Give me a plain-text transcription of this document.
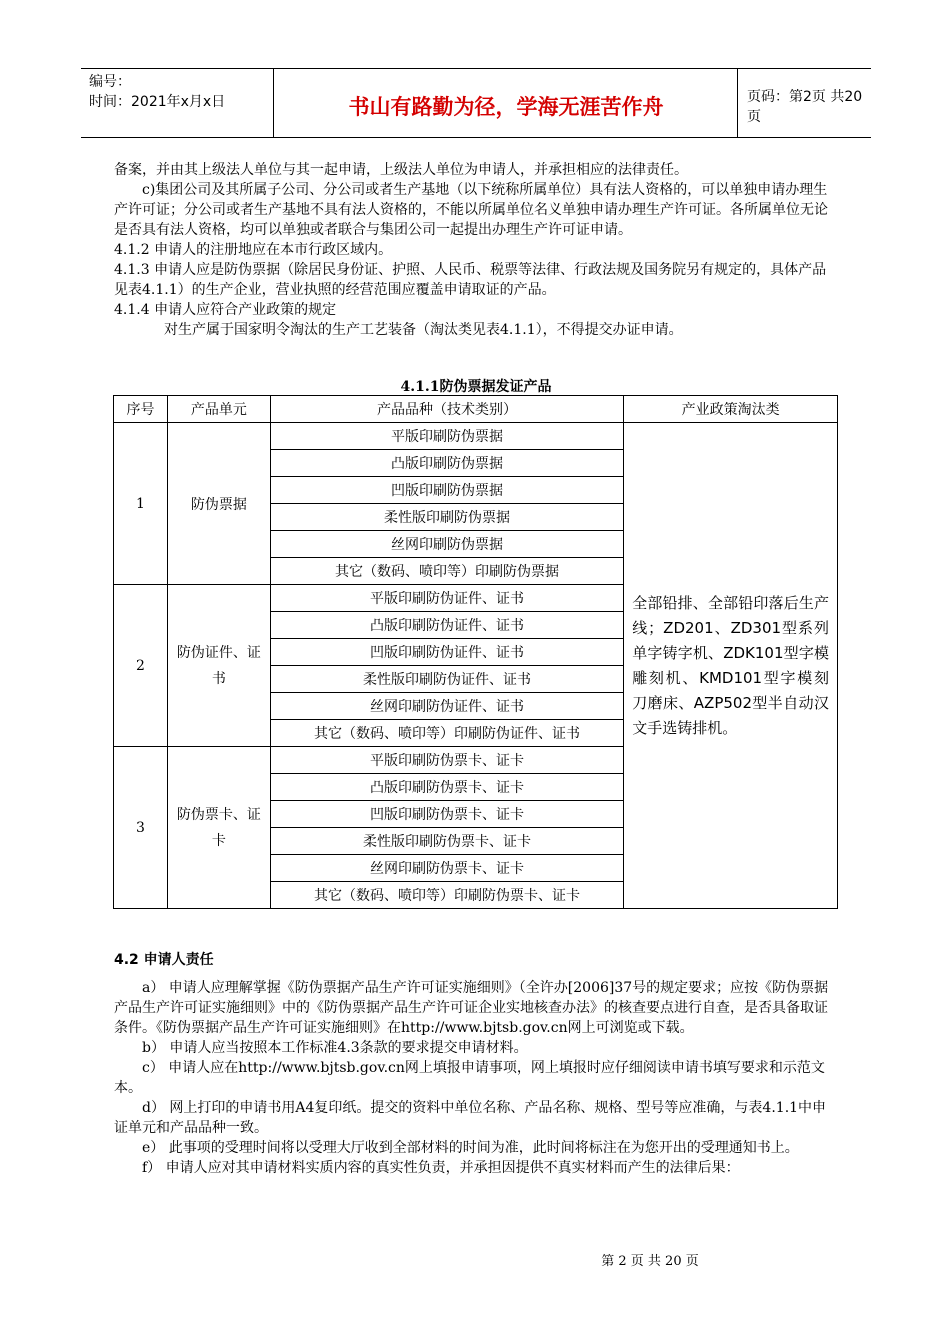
编号：
时间：2021年x月x日	书山有路勤为径，学海无涯苦作舟	页码：第2页 共20页

备案，并由其上级法人单位与其一起申请，上级法人单位为申请人，并承担相应的法律责任。

c)集团公司及其所属子公司、分公司或者生产基地（以下统称所属单位）具有法人资格的，可以单独申请办理生产许可证；分公司或者生产基地不具有法人资格的，不能以所属单位名义单独申请办理生产许可证。各所属单位无论是否具有法人资格，均可以单独或者联合与集团公司一起提出办理生产许可证申请。

4.1.2 申请人的注册地应在本市行政区域内。

4.1.3 申请人应是防伪票据（除居民身份证、护照、人民币、税票等法律、行政法规及国务院另有规定的，具体产品见表4.1.1）的生产企业，营业执照的经营范围应覆盖申请取证的产品。

4.1.4 申请人应符合产业政策的规定

对生产属于国家明令淘汰的生产工艺装备（淘汰类见表4.1.1），不得提交办证申请。

4.1.1防伪票据发证产品
序号	产品单元	产品品种（技术类别）	产业政策淘汰类
1	防伪票据	平版印刷防伪票据	全部铅排、全部铅印落后生产线；ZD201、ZD301型系列单字铸字机、ZDK101型字模雕刻机、KMD101型字模刻刀磨床、AZP502型半自动汉文手选铸排机。
		凸版印刷防伪票据	
		凹版印刷防伪票据	
		柔性版印刷防伪票据	
		丝网印刷防伪票据	
		其它（数码、喷印等）印刷防伪票据	
2	防伪证件、证书	平版印刷防伪证件、证书	
		凸版印刷防伪证件、证书	
		凹版印刷防伪证件、证书	
		柔性版印刷防伪证件、证书	
		丝网印刷防伪证件、证书	
		其它（数码、喷印等）印刷防伪证件、证书	
3	防伪票卡、证卡	平版印刷防伪票卡、证卡	
		凸版印刷防伪票卡、证卡	
		凹版印刷防伪票卡、证卡	
		柔性版印刷防伪票卡、证卡	
		丝网印刷防伪票卡、证卡	
		其它（数码、喷印等）印刷防伪票卡、证卡	

4.2 申请人责任

a） 申请人应理解掌握《防伪票据产品生产许可证实施细则》（全许办[2006]37号的规定要求；应按《防伪票据产品生产许可证实施细则》中的《防伪票据产品生产许可证企业实地核查办法》的核查要点进行自查，是否具备取证条件。《防伪票据产品生产许可证实施细则》在http://www.bjtsb.gov.cn网上可浏览或下载。

b） 申请人应当按照本工作标准4.3条款的要求提交申请材料。

c） 申请人应在http://www.bjtsb.gov.cn网上填报申请事项，网上填报时应仔细阅读申请书填写要求和示范文本。

d） 网上打印的申请书用A4复印纸。提交的资料中单位名称、产品名称、规格、型号等应准确，与表4.1.1中申证单元和产品品种一致。

e） 此事项的受理时间将以受理大厅收到全部材料的时间为准，此时间将标注在为您开出的受理通知书上。

f） 申请人应对其申请材料实质内容的真实性负责，并承担因提供不真实材料而产生的法律后果：

第 2 页 共 20 页
